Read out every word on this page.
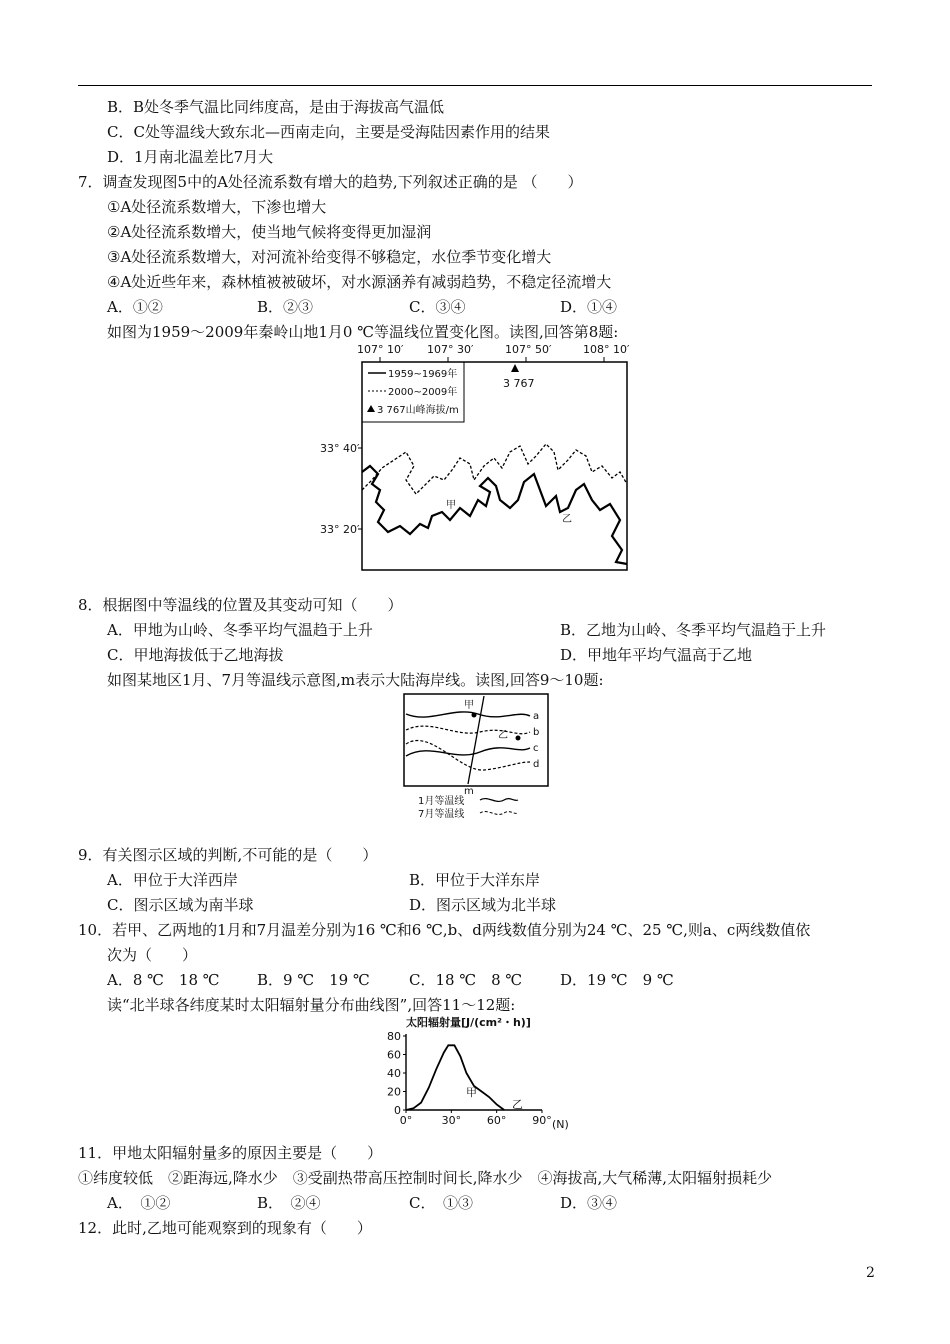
B．B处冬季气温比同纬度高，是由于海拔高气温低
C．C处等温线大致东北—西南走向，主要是受海陆因素作用的结果
D．1月南北温差比7月大
7．调查发现图5中的A处径流系数有增大的趋势,下列叙述正确的是 （　　）
①A处径流系数增大，下渗也增大
②A处径流系数增大，使当地气候将变得更加湿润
③A处径流系数增大，对河流补给变得不够稳定，水位季节变化增大
④A处近些年来，森林植被被破坏，对水源涵养有减弱趋势，不稳定径流增大
A．①②	B．②③	C．③④	D．①④
如图为1959～2009年秦岭山地1月0 ℃等温线位置变化图。读图,回答第8题:
107° 10′ 107° 30′	107° 50′	108° 10′
1959~1969年
2000~2009年
3 767山峰海拔/m
3 767
33° 40′
33° 20′
甲
乙
8．根据图中等温线的位置及其变动可知（　　）
A．甲地为山岭、冬季平均气温趋于上升	B．乙地为山岭、冬季平均气温趋于上升
C．甲地海拔低于乙地海拔	D．甲地年平均气温高于乙地
如图某地区1月、7月等温线示意图,m表示大陆海岸线。读图,回答9～10题:
甲
乙
a
b
c
d
m
1月等温线
7月等温线
9．有关图示区域的判断,不可能的是（　　）
A．甲位于大洋西岸	B．甲位于大洋东岸
C．图示区域为南半球	D．图示区域为北半球
10．若甲、乙两地的1月和7月温差分别为16 ℃和6 ℃,b、d两线数值分别为24 ℃、25 ℃,则a、c两线数值依
次为（　　）
A．8 ℃　18 ℃ B．9 ℃　19 ℃	C．18 ℃　8 ℃	D．19 ℃　9 ℃
读“北半球各纬度某时太阳辐射量分布曲线图”,回答11～12题:
太阳辐射量[J/(cm²・h)]
0
20
40
60
80
0°	30° 60° 90°
甲
乙
(N)
11．甲地太阳辐射量多的原因主要是（　　）
①纬度较低　②距海远,降水少　③受副热带高压控制时间长,降水少　④海拔高,大气稀薄,太阳辐射损耗少
A．　①②	B．　②④	C．　①③	D．③④
12．此时,乙地可能观察到的现象有（　　）
2
